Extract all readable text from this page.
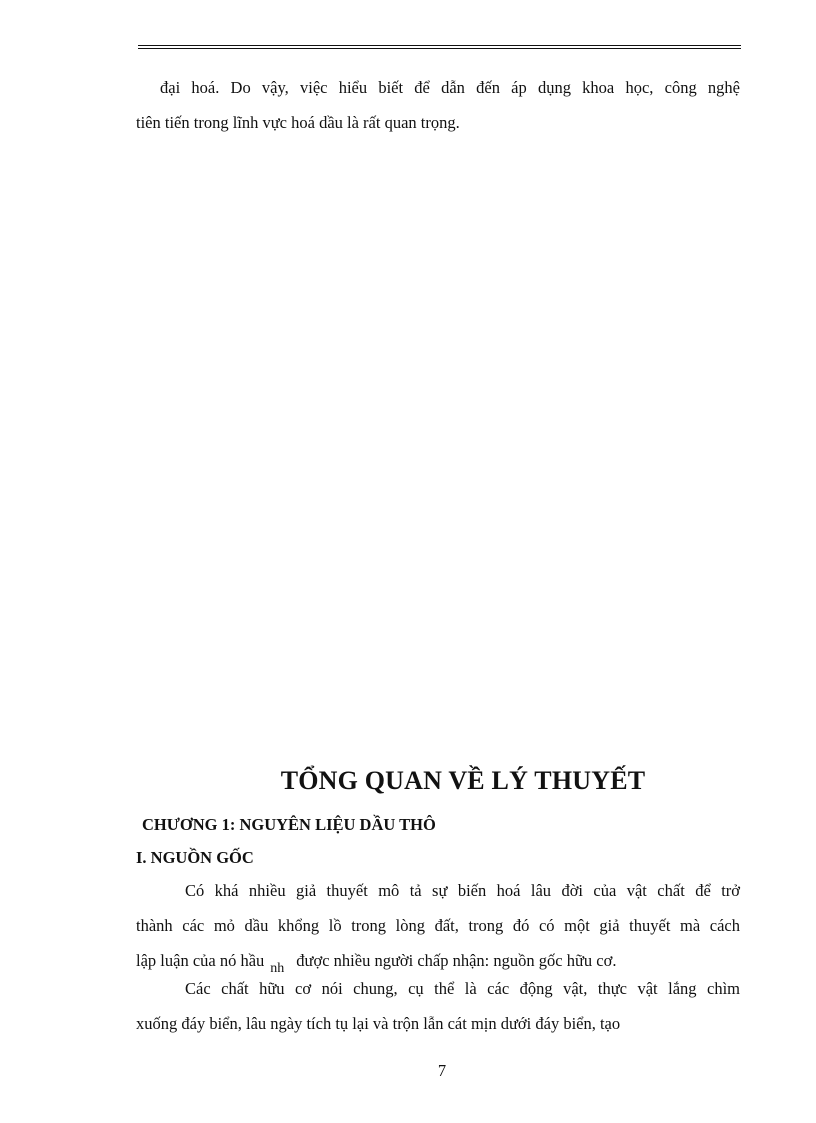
đại hoá. Do vậy, việc hiểu biết để dẫn đến áp dụng khoa học, công nghệ
tiên tiến trong lĩnh vực hoá dầu là rất quan trọng.

TỔNG QUAN VỀ LÝ THUYẾT
CHƯƠNG 1: NGUYÊN LIỆU DẦU THÔ
I. NGUỒN GỐC

Có khá nhiều giả thuyết mô tả sự biến hoá lâu đời của vật chất để trở
thành các mỏ dầu khổng lồ trong lòng đất, trong đó có một giả thuyết mà cách
lập luận của nó hầu $_{nh}$ được nhiều người chấp nhận: nguồn gốc hữu cơ.

Các chất hữu cơ nói chung, cụ thể là các động vật, thực vật lắng chìm
xuống đáy biển, lâu ngày tích tụ lại và trộn lẫn cát mịn dưới đáy biển, tạo

7
